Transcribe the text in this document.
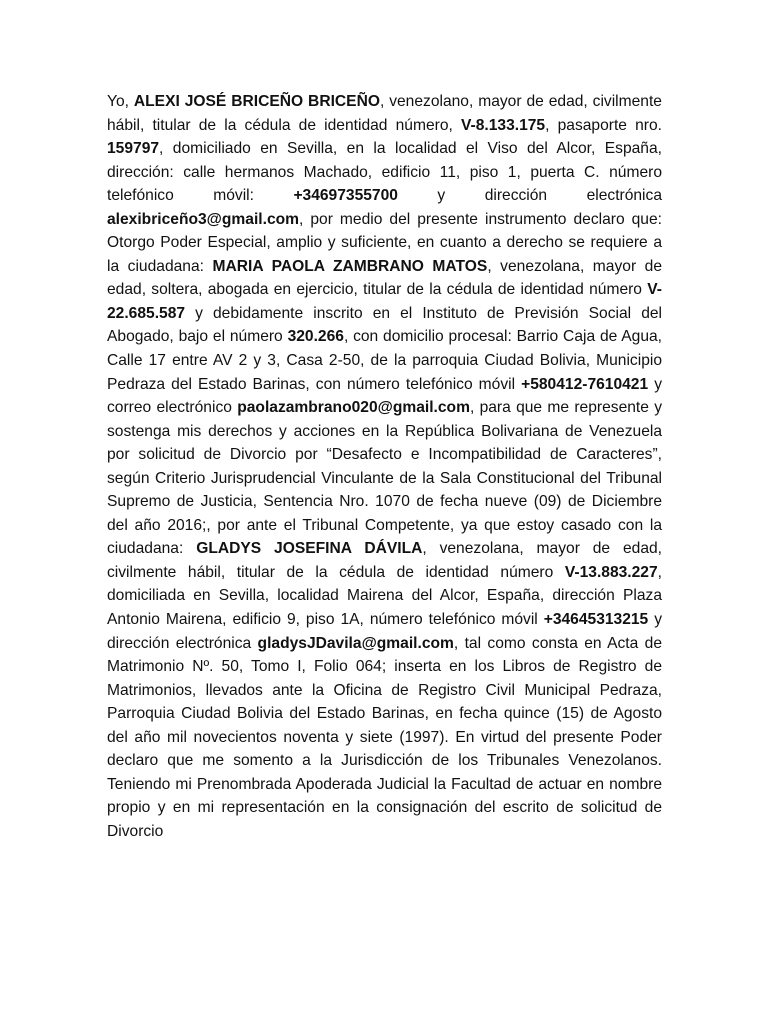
Yo, ALEXI JOSÉ BRICEÑO BRICEÑO, venezolano, mayor de edad, civilmente hábil, titular de la cédula de identidad número, V-8.133.175, pasaporte nro. 159797, domiciliado en Sevilla, en la localidad el Viso del Alcor, España, dirección: calle hermanos Machado, edificio 11, piso 1, puerta C. número telefónico móvil: +34697355700 y dirección electrónica alexibriceño3@gmail.com, por medio del presente instrumento declaro que: Otorgo Poder Especial, amplio y suficiente, en cuanto a derecho se requiere a la ciudadana: MARIA PAOLA ZAMBRANO MATOS, venezolana, mayor de edad, soltera, abogada en ejercicio, titular de la cédula de identidad número V-22.685.587 y debidamente inscrito en el Instituto de Previsión Social del Abogado, bajo el número 320.266, con domicilio procesal: Barrio Caja de Agua, Calle 17 entre AV 2 y 3, Casa 2-50, de la parroquia Ciudad Bolivia, Municipio Pedraza del Estado Barinas, con número telefónico móvil +580412-7610421 y correo electrónico paolazambrano020@gmail.com, para que me represente y sostenga mis derechos y acciones en la República Bolivariana de Venezuela por solicitud de Divorcio por “Desafecto e Incompatibilidad de Caracteres”, según Criterio Jurisprudencial Vinculante de la Sala Constitucional del Tribunal Supremo de Justicia, Sentencia Nro. 1070 de fecha nueve (09) de Diciembre del año 2016;, por ante el Tribunal Competente, ya que estoy casado con la ciudadana: GLADYS JOSEFINA DÁVILA, venezolana, mayor de edad, civilmente hábil, titular de la cédula de identidad número V-13.883.227, domiciliada en Sevilla, localidad Mairena del Alcor, España, dirección Plaza Antonio Mairena, edificio 9, piso 1A, número telefónico móvil +34645313215 y dirección electrónica gladysJDavila@gmail.com, tal como consta en Acta de Matrimonio Nº. 50, Tomo I, Folio 064; inserta en los Libros de Registro de Matrimonios, llevados ante la Oficina de Registro Civil Municipal Pedraza, Parroquia Ciudad Bolivia del Estado Barinas, en fecha quince (15) de Agosto del año mil novecientos noventa y siete (1997). En virtud del presente Poder declaro que me somento a la Jurisdicción de los Tribunales Venezolanos. Teniendo mi Prenombrada Apoderada Judicial la Facultad de actuar en nombre propio y en mi representación en la consignación del escrito de solicitud de Divorcio
